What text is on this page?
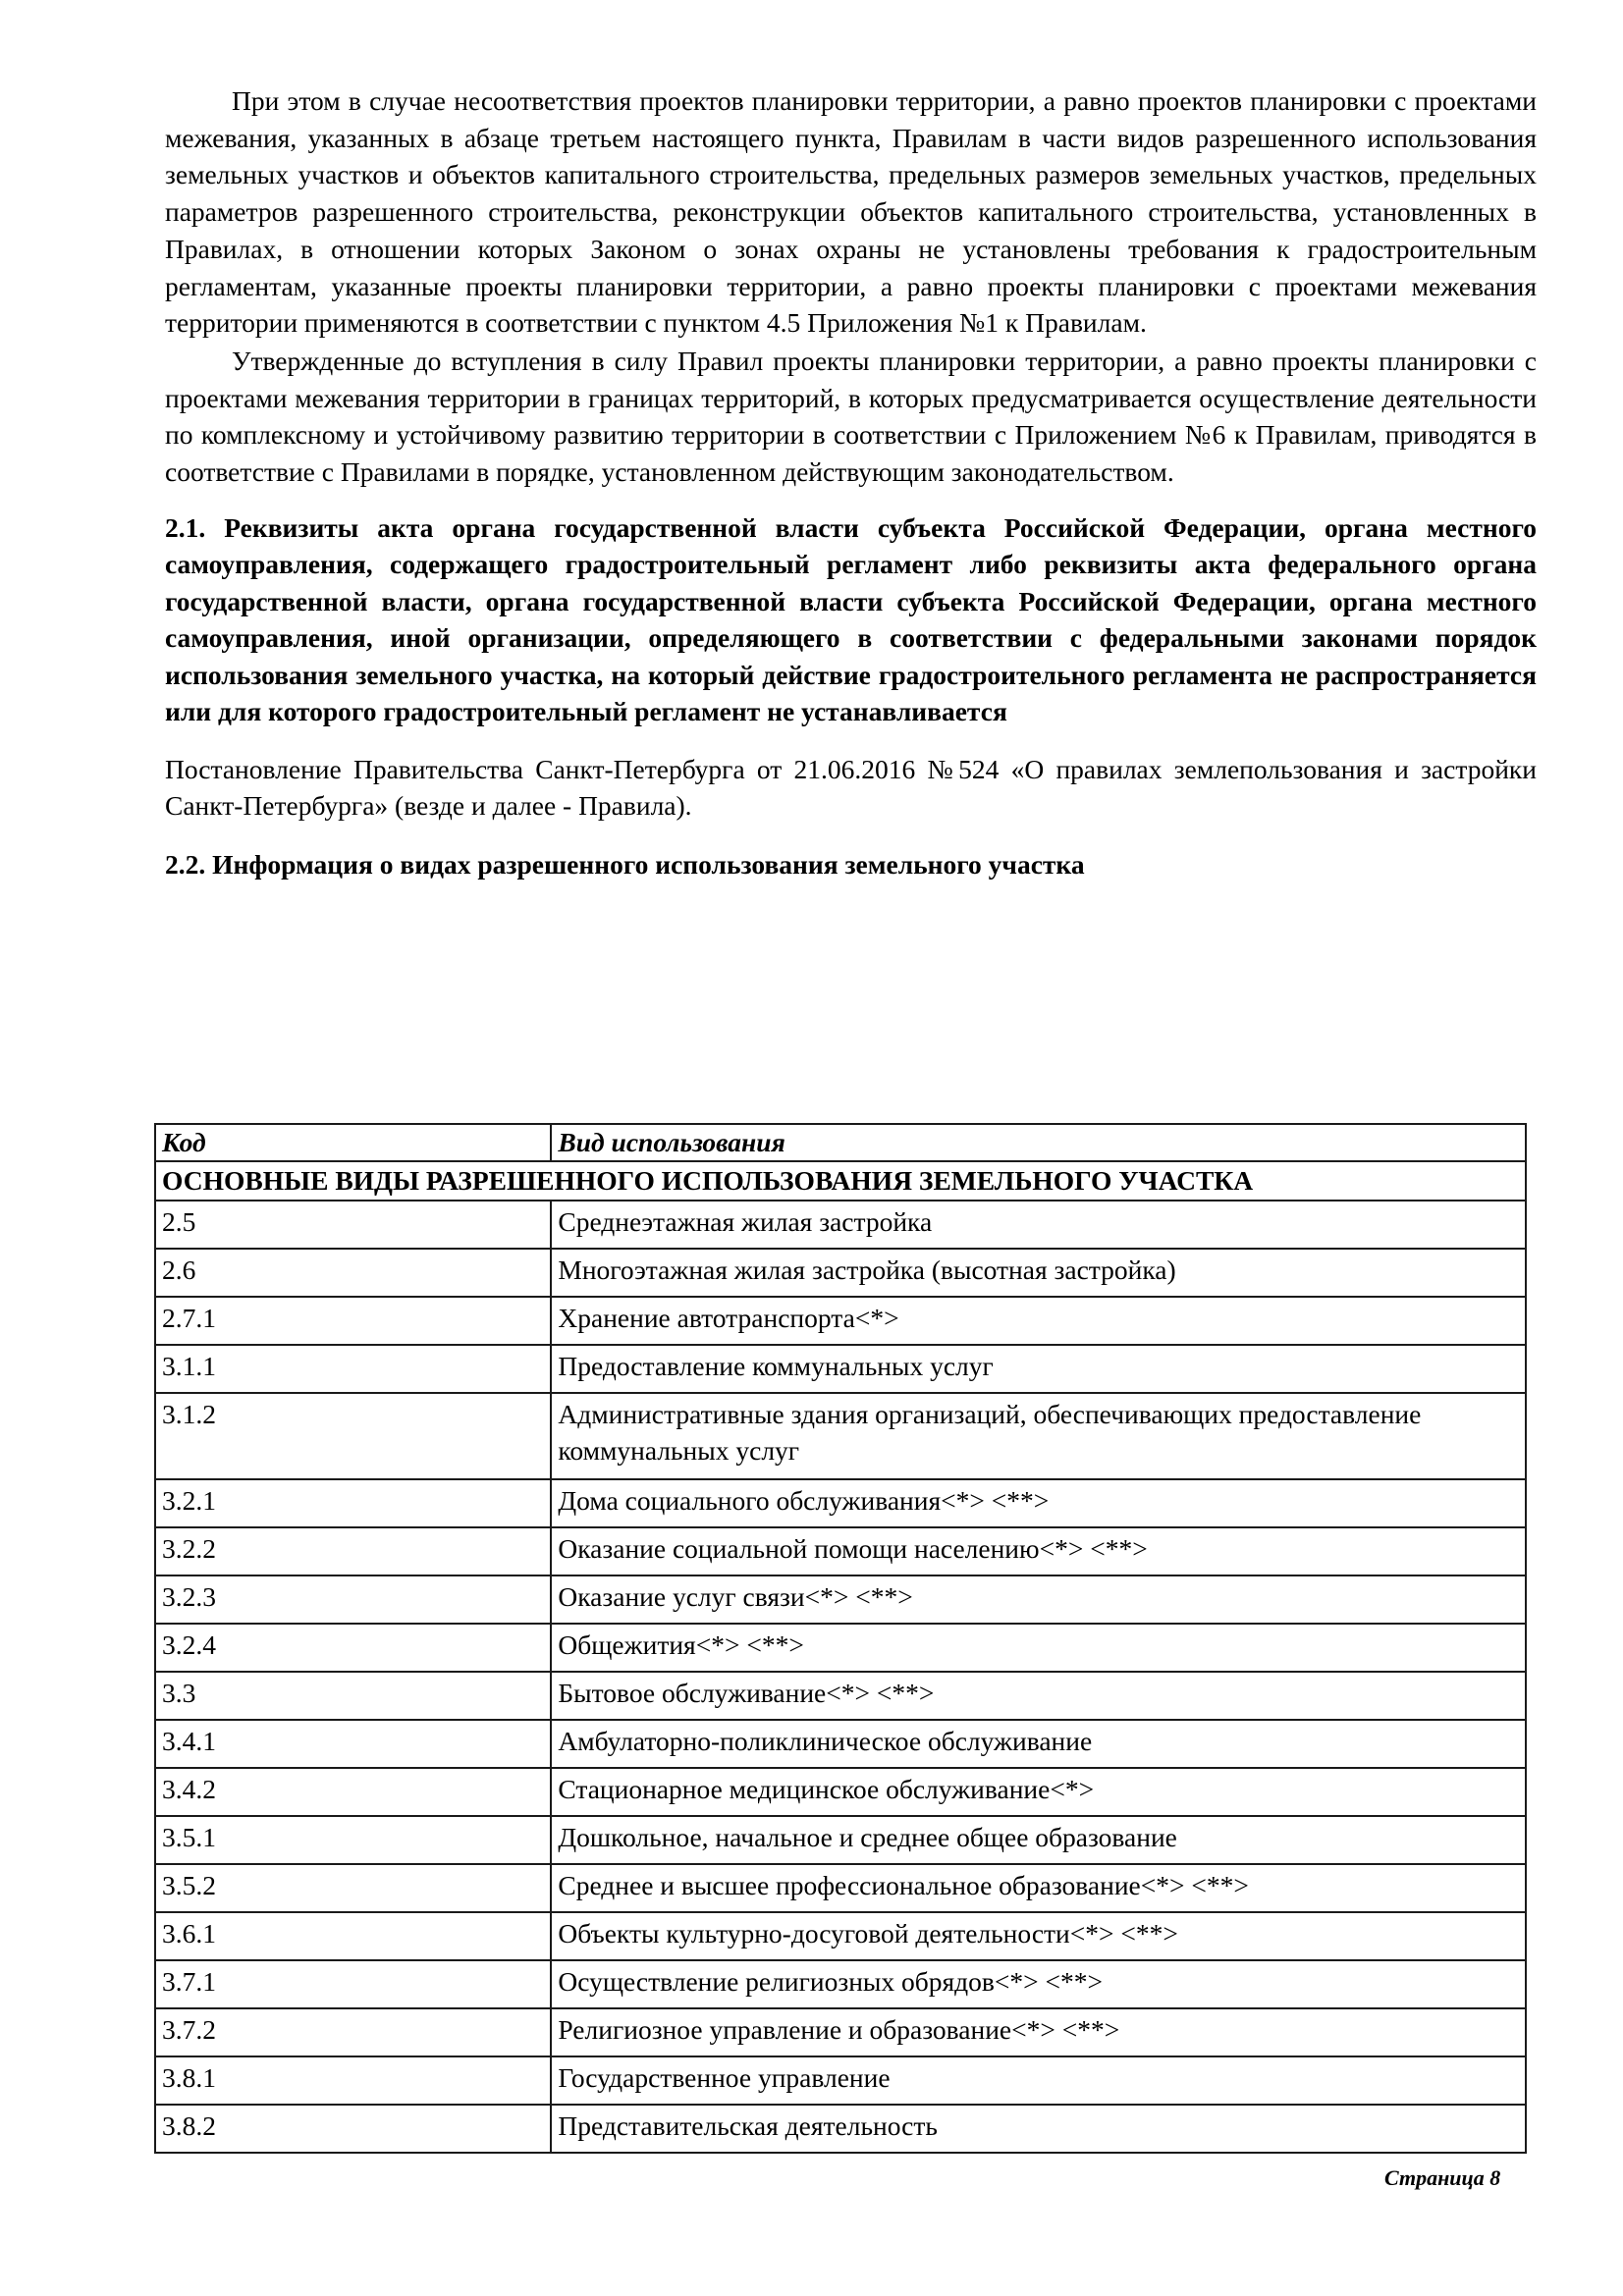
При этом в случае несоответствия проектов планировки территории, а равно проектов планировки с проектами межевания, указанных в абзаце третьем настоящего пункта, Правилам в части видов разрешенного использования земельных участков и объектов капитального строительства, предельных размеров земельных участков, предельных параметров разрешенного строительства, реконструкции объектов капитального строительства, установленных в Правилах, в отношении которых Законом о зонах охраны не установлены требования к градостроительным регламентам, указанные проекты планировки территории, а равно проекты планировки с проектами межевания территории применяются в соответствии с пунктом 4.5 Приложения №1 к Правилам.

Утвержденные до вступления в силу Правил проекты планировки территории, а равно проекты планировки с проектами межевания территории в границах территорий, в которых предусматривается осуществление деятельности по комплексному и устойчивому развитию территории в соответствии с Приложением №6 к Правилам, приводятся в соответствие с Правилами в порядке, установленном действующим законодательством.

2.1. Реквизиты акта органа государственной власти субъекта Российской Федерации, органа местного самоуправления, содержащего градостроительный регламент либо реквизиты акта федерального органа государственной власти, органа государственной власти субъекта Российской Федерации, органа местного самоуправления, иной организации, определяющего в соответствии с федеральными законами порядок использования земельного участка, на который действие градостроительного регламента не распространяется или для которого градостроительный регламент не устанавливается

Постановление Правительства Санкт-Петербурга от 21.06.2016 №524 «О правилах землепользования и застройки Санкт-Петербурга» (везде и далее - Правила).

2.2. Информация о видах разрешенного использования земельного участка

Код	Вид использования
ОСНОВНЫЕ ВИДЫ РАЗРЕШЕННОГО ИСПОЛЬЗОВАНИЯ ЗЕМЕЛЬНОГО УЧАСТКА	
2.5	Среднеэтажная жилая застройка
2.6	Многоэтажная жилая застройка (высотная застройка)
2.7.1	Хранение автотранспорта<*>
3.1.1	Предоставление коммунальных услуг
3.1.2	Административные здания организаций, обеспечивающих предоставление коммунальных услуг
3.2.1	Дома социального обслуживания<*> <**>
3.2.2	Оказание социальной помощи населению<*> <**>
3.2.3	Оказание услуг связи<*> <**>
3.2.4	Общежития<*> <**>
3.3	Бытовое обслуживание<*> <**>
3.4.1	Амбулаторно-поликлиническое обслуживание
3.4.2	Стационарное медицинское обслуживание<*>
3.5.1	Дошкольное, начальное и среднее общее образование
3.5.2	Среднее и высшее профессиональное образование<*> <**>
3.6.1	Объекты культурно-досуговой деятельности<*> <**>
3.7.1	Осуществление религиозных обрядов<*> <**>
3.7.2	Религиозное управление и образование<*> <**>
3.8.1	Государственное управление
3.8.2	Представительская деятельность
Страница 8
